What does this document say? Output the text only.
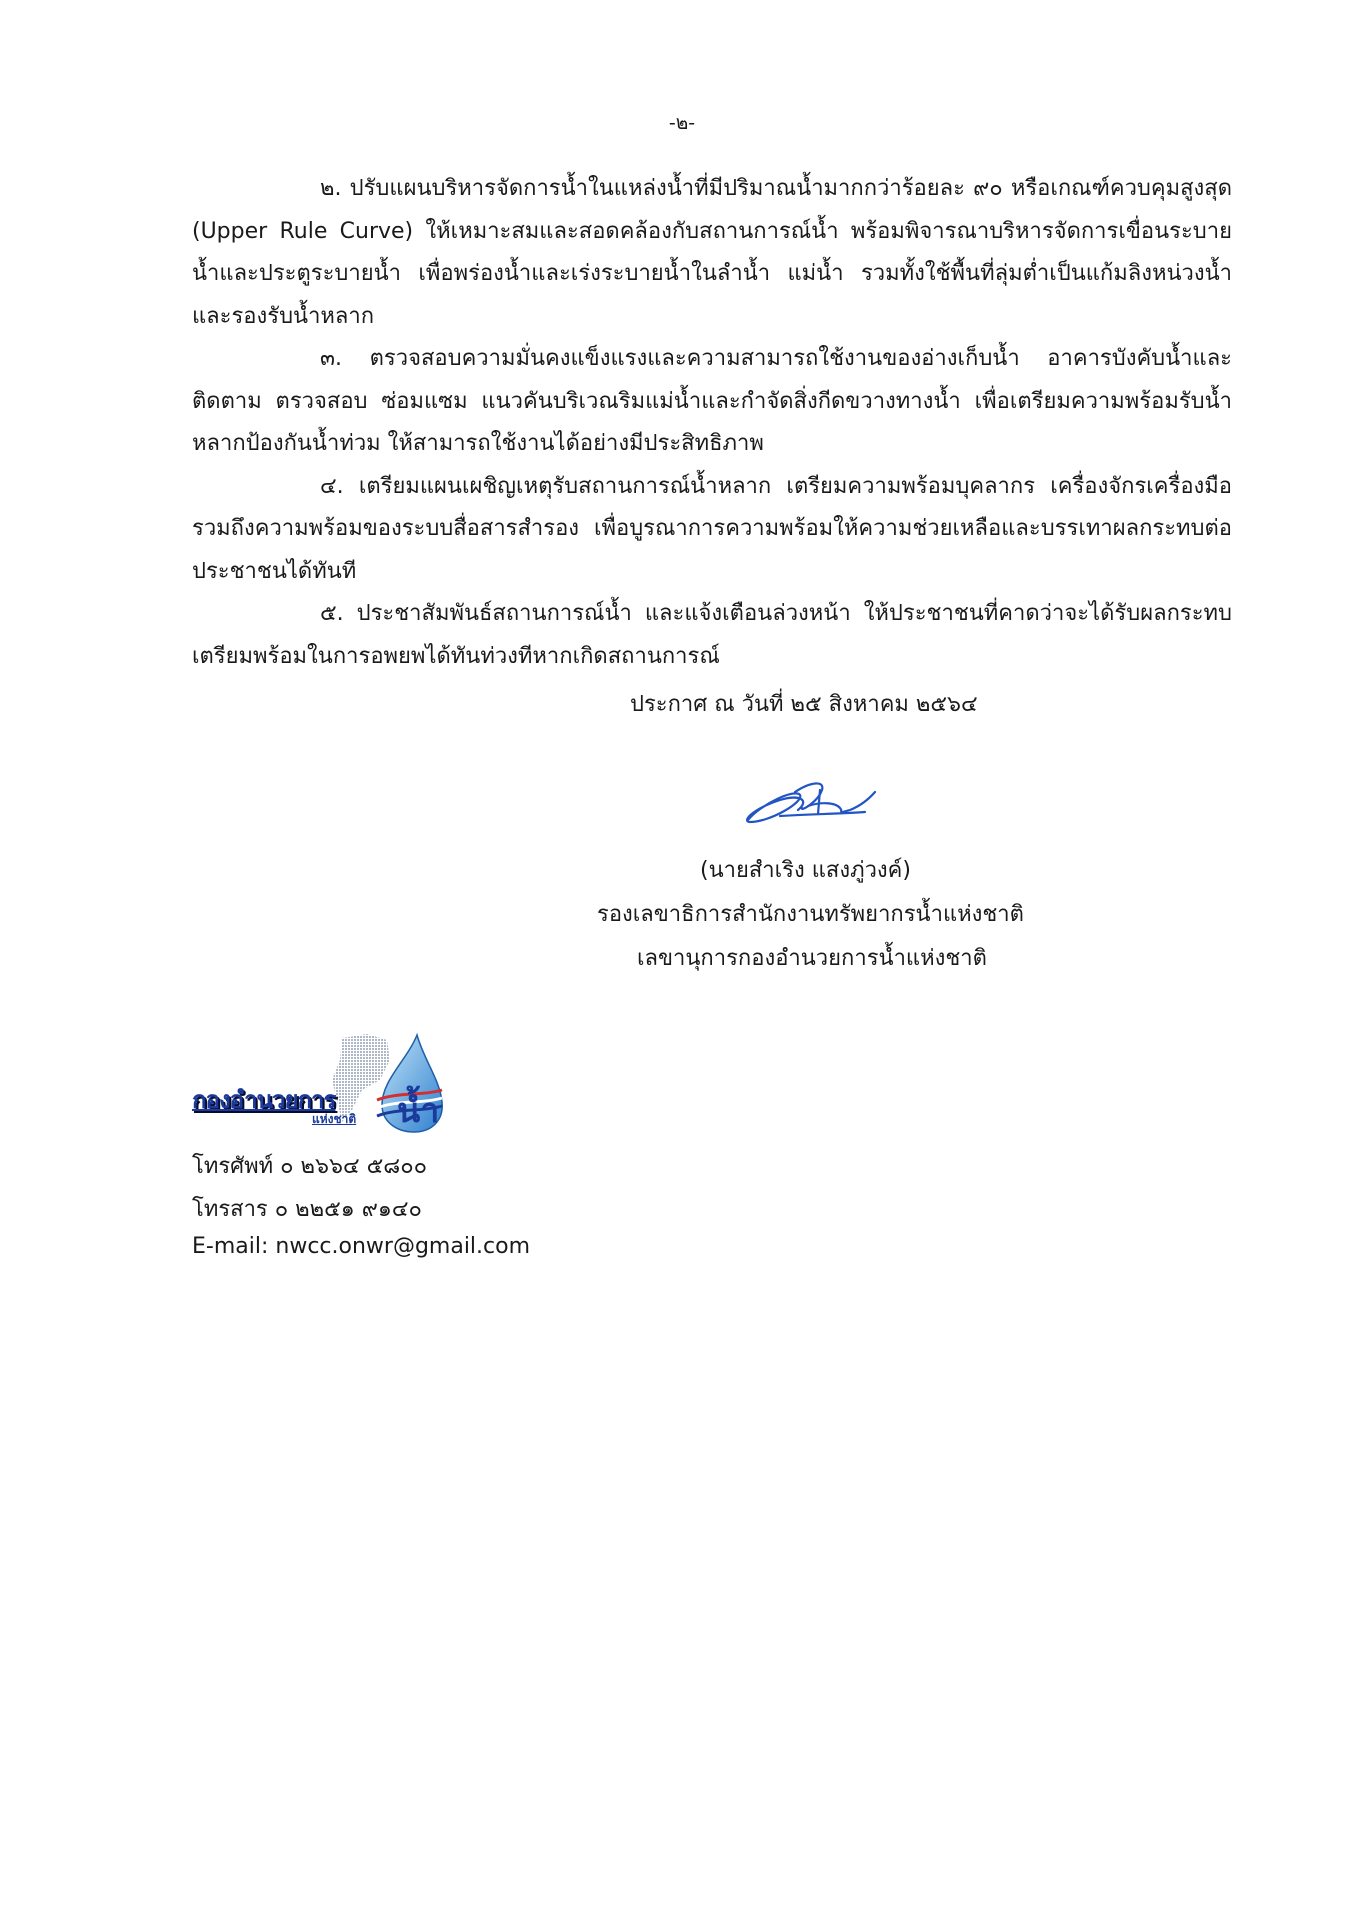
-๒-

๒. ปรับแผนบริหารจัดการน้ำในแหล่งน้ำที่มีปริมาณน้ำมากกว่าร้อยละ ๙๐ หรือเกณฑ์ควบคุมสูงสุด (Upper Rule Curve) ให้เหมาะสมและสอดคล้องกับสถานการณ์น้ำ พร้อมพิจารณาบริหารจัดการเขื่อนระบายน้ำและประตูระบายน้ำ เพื่อพร่องน้ำและเร่งระบายน้ำในลำน้ำ แม่น้ำ รวมทั้งใช้พื้นที่ลุ่มต่ำเป็นแก้มลิงหน่วงน้ำและรองรับน้ำหลาก

๓. ตรวจสอบความมั่นคงแข็งแรงและความสามารถใช้งานของอ่างเก็บน้ำ อาคารบังคับน้ำและติดตาม ตรวจสอบ ซ่อมแซม แนวคันบริเวณริมแม่น้ำและกำจัดสิ่งกีดขวางทางน้ำ เพื่อเตรียมความพร้อมรับน้ำหลากป้องกันน้ำท่วม ให้สามารถใช้งานได้อย่างมีประสิทธิภาพ

๔. เตรียมแผนเผชิญเหตุรับสถานการณ์น้ำหลาก เตรียมความพร้อมบุคลากร เครื่องจักรเครื่องมือรวมถึงความพร้อมของระบบสื่อสารสำรอง เพื่อบูรณาการความพร้อมให้ความช่วยเหลือและบรรเทาผลกระทบต่อประชาชนได้ทันที

๕. ประชาสัมพันธ์สถานการณ์น้ำ และแจ้งเตือนล่วงหน้า ให้ประชาชนที่คาดว่าจะได้รับผลกระทบ เตรียมพร้อมในการอพยพได้ทันท่วงทีหากเกิดสถานการณ์

ประกาศ ณ วันที่ ๒๕ สิงหาคม ๒๕๖๔
(นายสำเริง แสงภู่วงค์)
รองเลขาธิการสำนักงานทรัพยากรน้ำแห่งชาติ
เลขานุการกองอำนวยการน้ำแห่งชาติ
น้ำ
กองอำนวยการ
แห่งชาติ
โทรศัพท์ ๐ ๒๖๖๔ ๕๘๐๐
โทรสาร ๐ ๒๒๕๑ ๙๑๔๐
E-mail: nwcc.onwr@gmail.com
